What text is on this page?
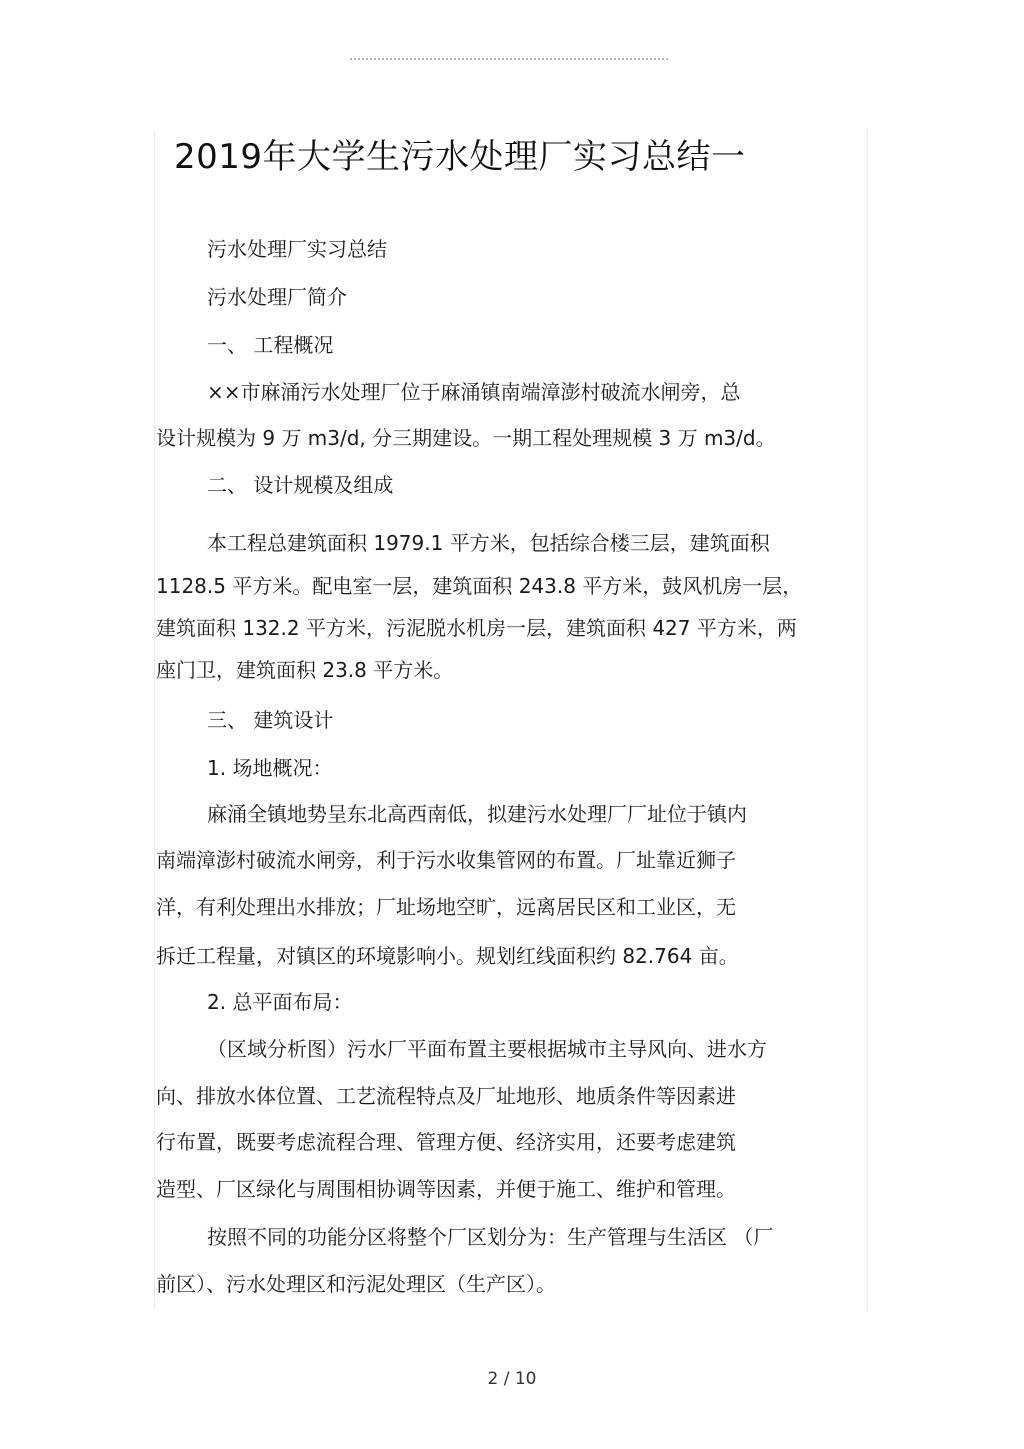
2019年大学生污水处理厂实习总结一
污水处理厂实习总结
污水处理厂简介
一、 工程概况
××市麻涌污水处理厂位于麻涌镇南端漳澎村破流水闸旁，总
设计规模为 9 万 m3/d, 分三期建设。一期工程处理规模 3 万 m3/d。
二、 设计规模及组成
本工程总建筑面积 1979.1 平方米，包括综合楼三层，建筑面积
1128.5 平方米。配电室一层，建筑面积 243.8 平方米，鼓风机房一层，
建筑面积 132.2 平方米，污泥脱水机房一层，建筑面积 427 平方米，两
座门卫，建筑面积 23.8 平方米。
三、 建筑设计
1. 场地概况：
麻涌全镇地势呈东北高西南低，拟建污水处理厂厂址位于镇内
南端漳澎村破流水闸旁，利于污水收集管网的布置。厂址靠近狮子
洋，有利处理出水排放；厂址场地空旷，远离居民区和工业区，无
拆迁工程量，对镇区的环境影响小。规划红线面积约 82.764 亩。
2. 总平面布局：
（区域分析图）污水厂平面布置主要根据城市主导风向、进水方
向、排放水体位置、工艺流程特点及厂址地形、地质条件等因素进
行布置，既要考虑流程合理、管理方便、经济实用，还要考虑建筑
造型、厂区绿化与周围相协调等因素，并便于施工、维护和管理。
按照不同的功能分区将整个厂区划分为：生产管理与生活区 （厂
前区）、污水处理区和污泥处理区（生产区）。
2 / 10
